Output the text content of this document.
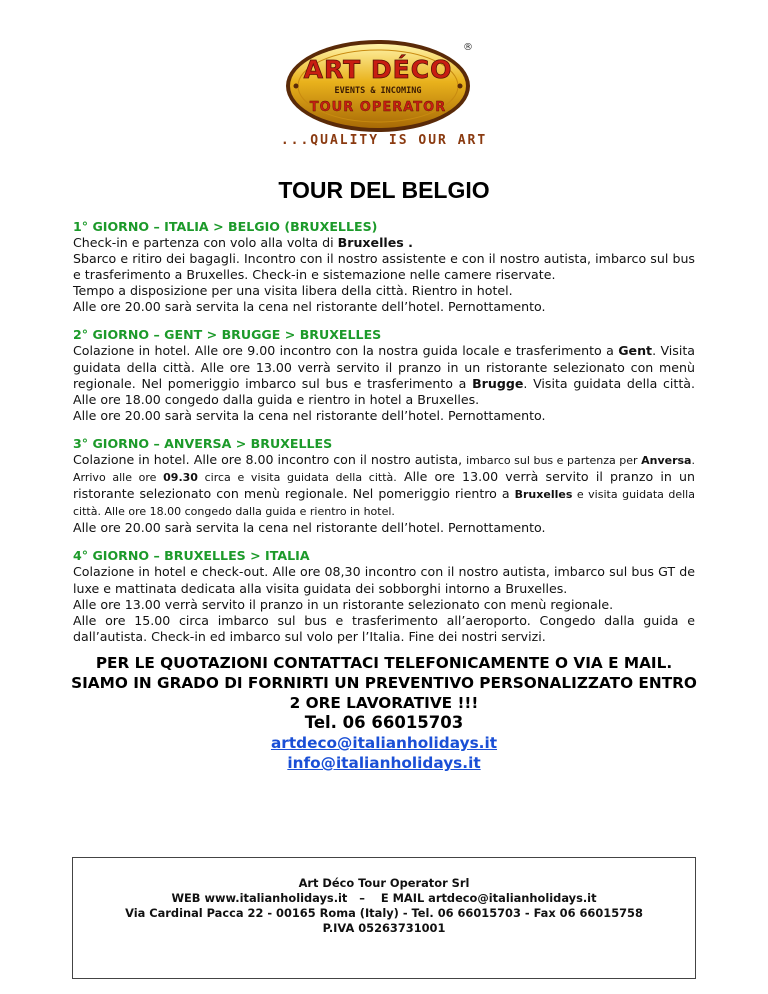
ART DÉCO
EVENTS & INCOMING
TOUR OPERATOR
®
...QUALITY IS OUR ART
TOUR DEL BELGIO
1° GIORNO – ITALIA > BELGIO (BRUXELLES)

Check-in e partenza con volo alla volta di Bruxelles .
Sbarco e ritiro dei bagagli. Incontro con il nostro assistente e con il nostro autista, imbarco sul bus e trasferimento a Bruxelles. Check-in e sistemazione nelle camere riservate.
Tempo a disposizione per una visita libera della città. Rientro in hotel.
Alle ore 20.00 sarà servita la cena nel ristorante dell’hotel. Pernottamento.

2° GIORNO – GENT > BRUGGE > BRUXELLES

Colazione in hotel. Alle ore 9.00 incontro con la nostra guida locale e trasferimento a Gent. Visita guidata della città. Alle ore 13.00 verrà servito il pranzo in un ristorante selezionato con menù regionale. Nel pomeriggio imbarco sul bus e trasferimento a Brugge. Visita guidata della città. Alle ore 18.00 congedo dalla guida e rientro in hotel a Bruxelles.
Alle ore 20.00 sarà servita la cena nel ristorante dell’hotel. Pernottamento.

3° GIORNO – ANVERSA > BRUXELLES

Colazione in hotel. Alle ore 8.00 incontro con il nostro autista, imbarco sul bus e partenza per Anversa. Arrivo alle ore 09.30 circa e visita guidata della città. Alle ore 13.00 verrà servito il pranzo in un ristorante selezionato con menù regionale. Nel pomeriggio rientro a Bruxelles e visita guidata della città. Alle ore 18.00 congedo dalla guida e rientro in hotel.
Alle ore 20.00 sarà servita la cena nel ristorante dell’hotel. Pernottamento.

4° GIORNO – BRUXELLES > ITALIA

Colazione in hotel e check-out. Alle ore 08,30 incontro con il nostro autista, imbarco sul bus GT de luxe e mattinata dedicata alla visita guidata dei sobborghi intorno a Bruxelles.
Alle ore 13.00 verrà servito il pranzo in un ristorante selezionato con menù regionale.
Alle ore 15.00 circa imbarco sul bus e trasferimento all’aeroporto. Congedo dalla guida e dall’autista. Check-in ed imbarco sul volo per l’Italia. Fine dei nostri servizi.

PER LE QUOTAZIONI CONTATTACI TELEFONICAMENTE O VIA E MAIL.
SIAMO IN GRADO DI FORNIRTI UN PREVENTIVO PERSONALIZZATO ENTRO
2 ORE LAVORATIVE !!!
Tel. 06 66015703
artdeco@italianholidays.it
info@italianholidays.it
Art Déco Tour Operator Srl
WEB www.italianholidays.it   –    E MAIL artdeco@italianholidays.it
Via Cardinal Pacca 22 - 00165 Roma (Italy) - Tel. 06 66015703 - Fax 06 66015758
P.IVA 05263731001
